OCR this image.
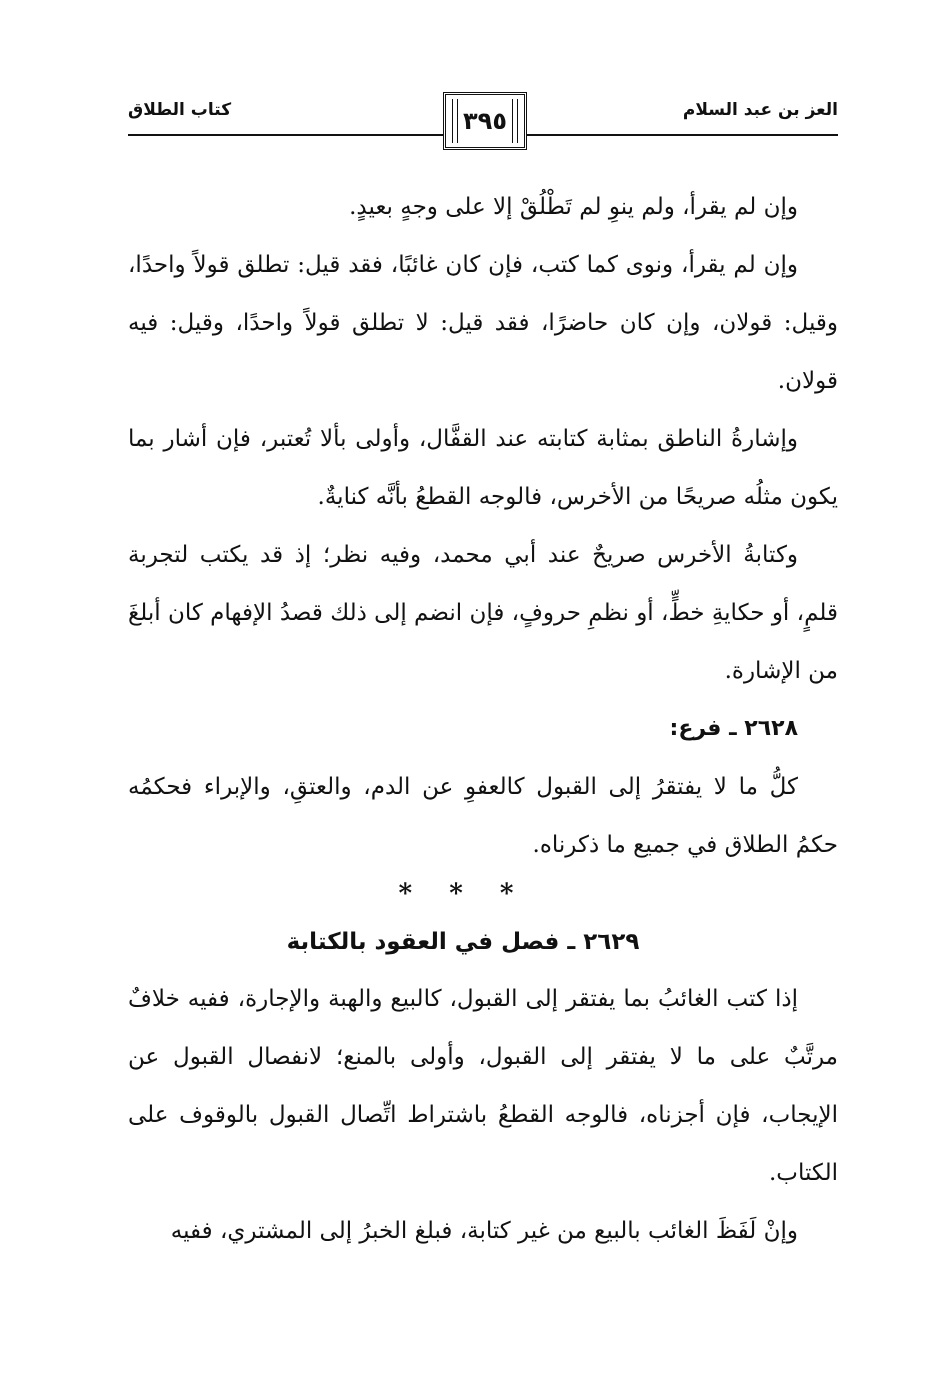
العز بن عبد السلام
٣٩٥
كتاب الطلاق

وإن لم يقرأ، ولم ينوِ لم تَطْلُقْ إلا على وجهٍ بعيدٍ.

وإن لم يقرأ، ونوى كما كتب، فإن كان غائبًا، فقد قيل: تطلق قولاً واحدًا، وقيل: قولان، وإن كان حاضرًا، فقد قيل: لا تطلق قولاً واحدًا، وقيل: فيه قولان.

وإشارةُ الناطق بمثابة كتابته عند القفَّال، وأولى بألا تُعتبر، فإن أشار بما يكون مثلُه صريحًا من الأخرس، فالوجه القطعُ بأنَّه كنايةٌ.

وكتابةُ الأخرس صريحٌ عند أبي محمد، وفيه نظر؛ إذ قد يكتب لتجربة قلمٍ، أو حكايةِ خطٍّ، أو نظمِ حروفٍ، فإن انضم إلى ذلك قصدُ الإفهام كان أبلغَ من الإشارة.

٢٦٢٨ ـ فرع:

كلُّ ما لا يفتقرُ إلى القبول كالعفوِ عن الدم، والعتقِ، والإبراء فحكمُه حكمُ الطلاق في جميع ما ذكرناه.

* * *

٢٦٢٩ ـ فصل في العقود بالكتابة

إذا كتب الغائبُ بما يفتقر إلى القبول، كالبيع والهبة والإجارة، ففيه خلافٌ مرتَّبٌ على ما لا يفتقر إلى القبول، وأولى بالمنع؛ لانفصال القبول عن الإيجاب، فإن أجزناه، فالوجه القطعُ باشتراط اتِّصال القبول بالوقوف على الكتاب.

وإنْ لَفَظَ الغائب بالبيع من غير كتابة، فبلغ الخبرُ إلى المشتري، ففيه
